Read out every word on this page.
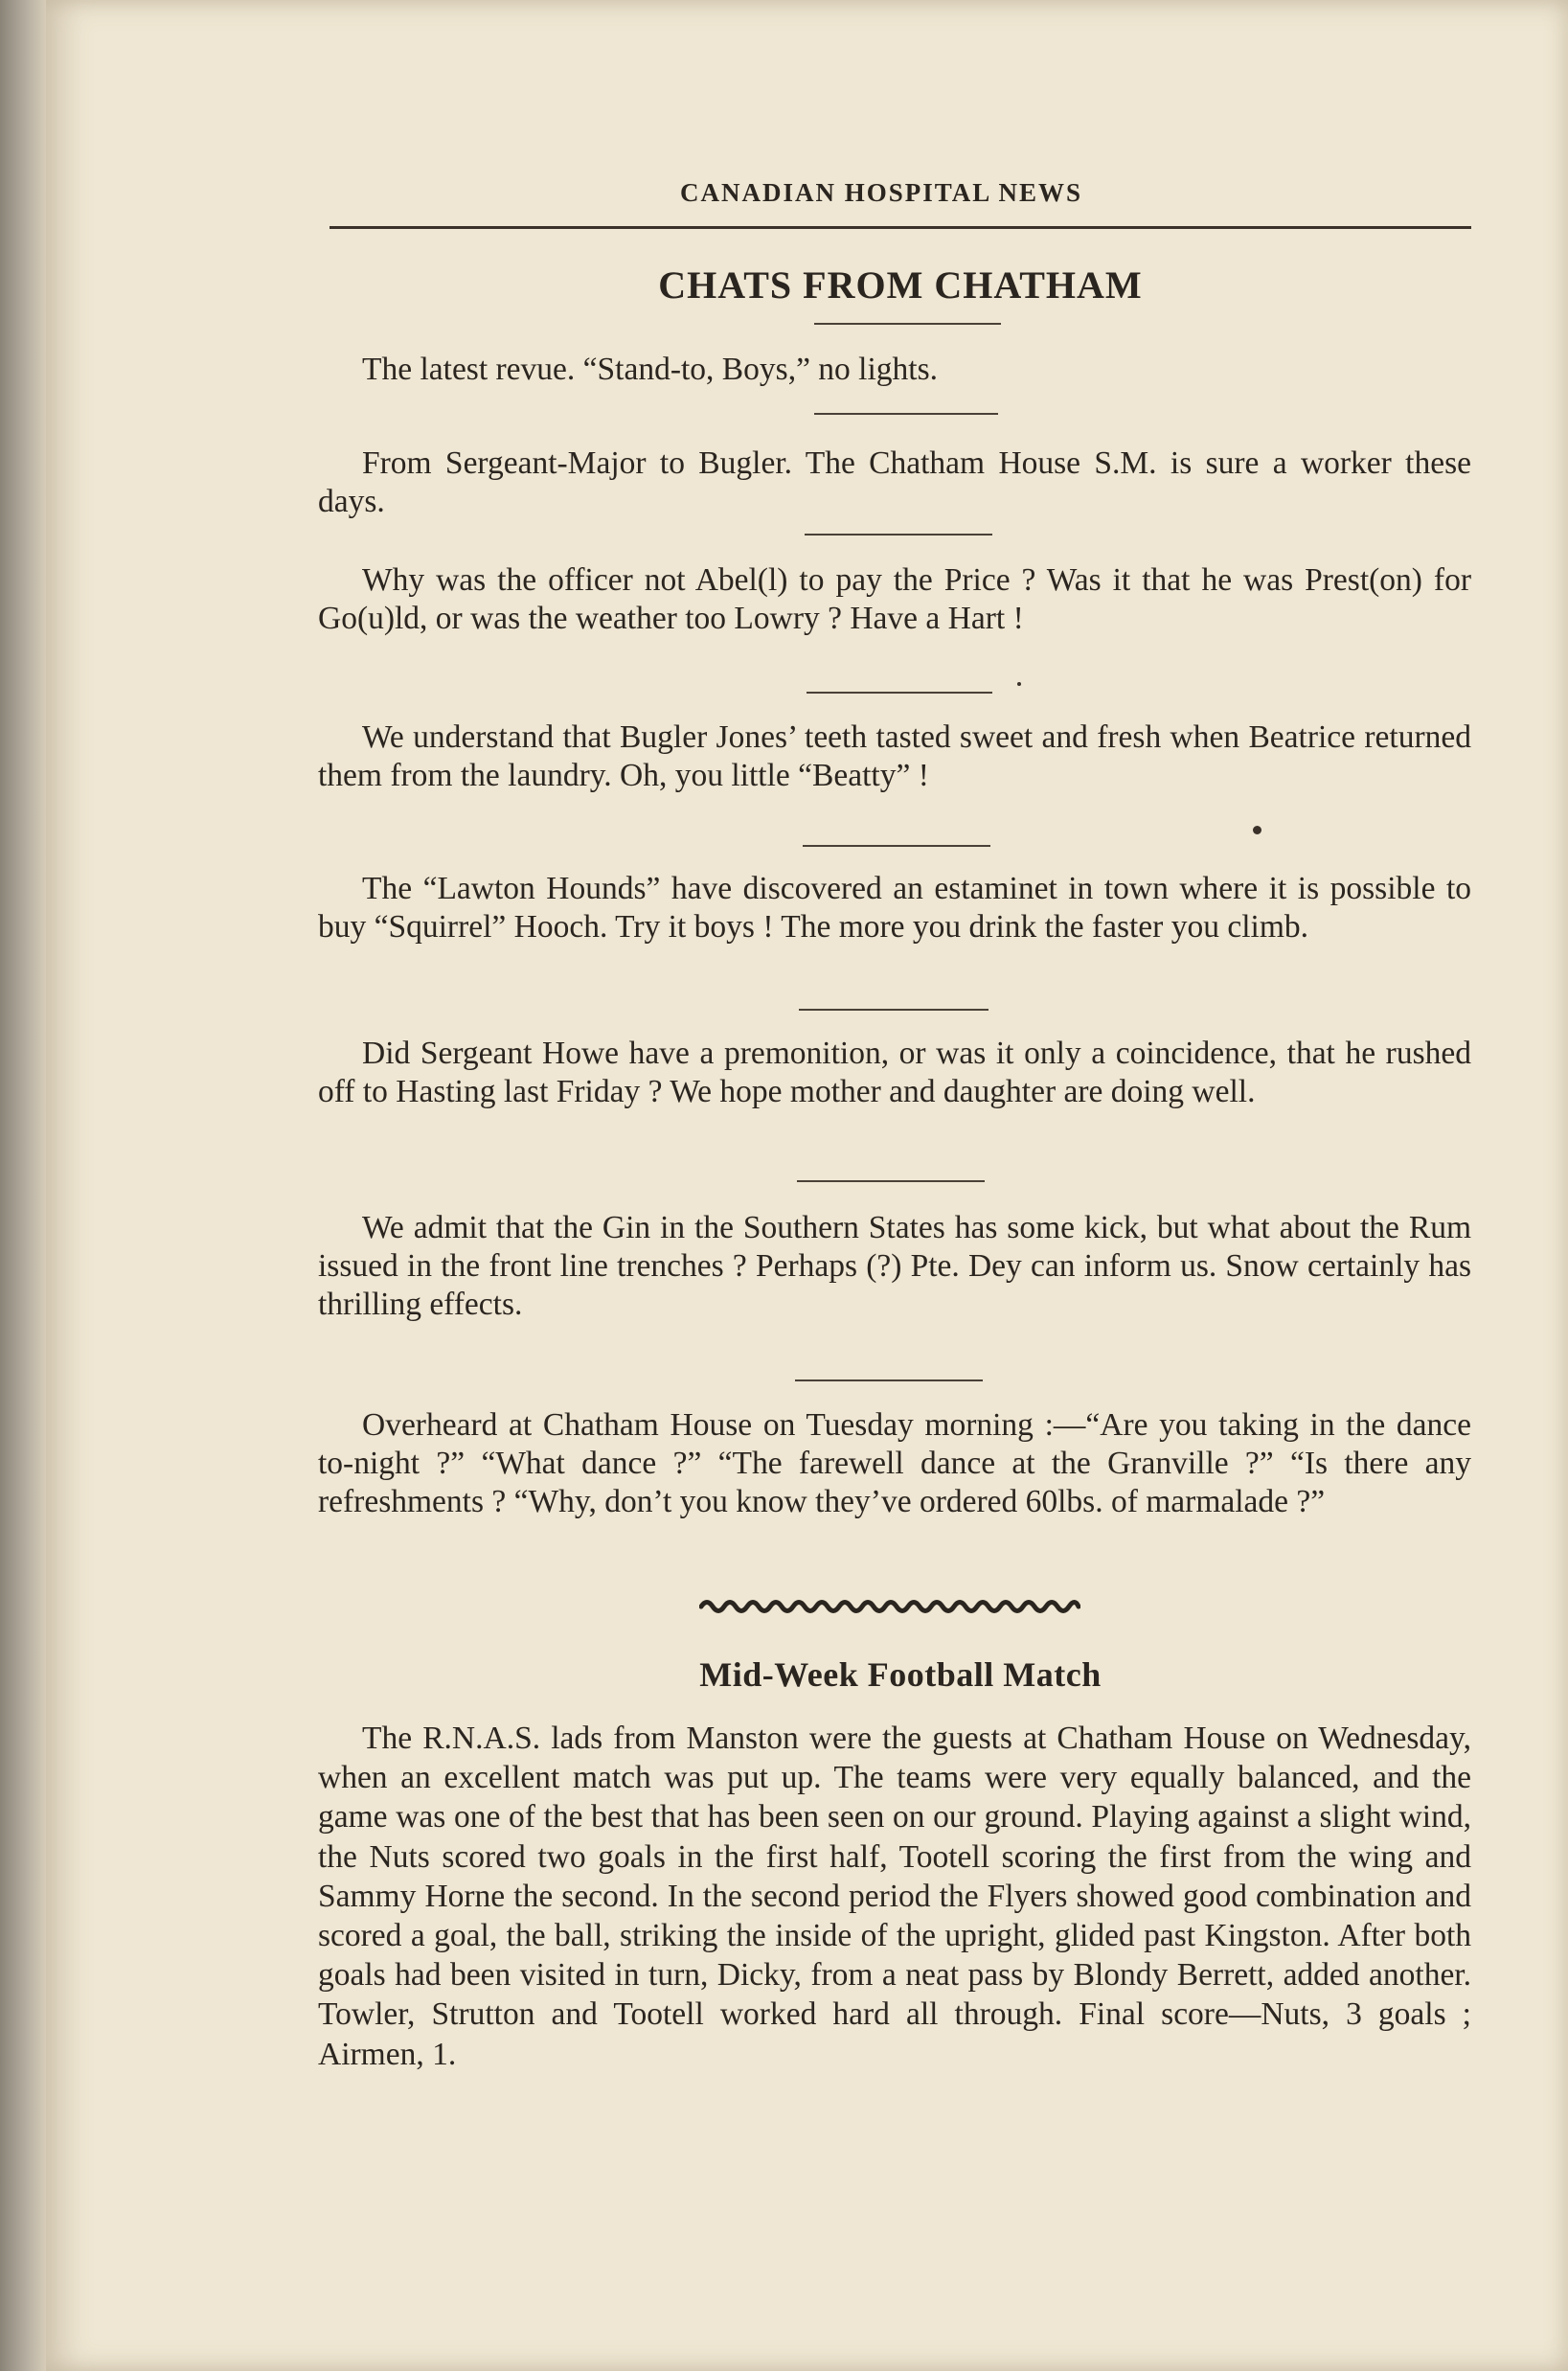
CANADIAN HOSPITAL NEWS
CHATS FROM CHATHAM
The latest revue. “Stand-to, Boys,” no lights.
From Sergeant-Major to Bugler. The Chatham House S.M. is sure a worker these days.
Why was the officer not Abel(l) to pay the Price ? Was it that he was Prest(on) for Go(u)ld, or was the weather too Lowry ? Have a Hart !
We understand that Bugler Jones’ teeth tasted sweet and fresh when Beatrice returned them from the laundry. Oh, you little “Beatty” !
The “Lawton Hounds” have discovered an estaminet in town where it is possible to buy “Squirrel” Hooch. Try it boys ! The more you drink the faster you climb.
Did Sergeant Howe have a premonition, or was it only a coincidence, that he rushed off to Hasting last Friday ? We hope mother and daughter are doing well.
We admit that the Gin in the Southern States has some kick, but what about the Rum issued in the front line trenches ? Perhaps (?) Pte. Dey can inform us. Snow certainly has thrilling effects.
Overheard at Chatham House on Tuesday morning :—“Are you taking in the dance to-night ?” “What dance ?” “The farewell dance at the Granville ?” “Is there any refreshments ? “Why, don’t you know they’ve ordered 60lbs. of marmalade ?”
Mid-Week Football Match
The R.N.A.S. lads from Manston were the guests at Chatham House on Wednesday, when an excellent match was put up. The teams were very equally balanced, and the game was one of the best that has been seen on our ground. Playing against a slight wind, the Nuts scored two goals in the first half, Tootell scoring the first from the wing and Sammy Horne the second. In the second period the Flyers showed good combination and scored a goal, the ball, striking the inside of the upright, glided past Kingston. After both goals had been visited in turn, Dicky, from a neat pass by Blondy Berrett, added another. Towler, Strutton and Tootell worked hard all through. Final score—Nuts, 3 goals ; Airmen, 1.
